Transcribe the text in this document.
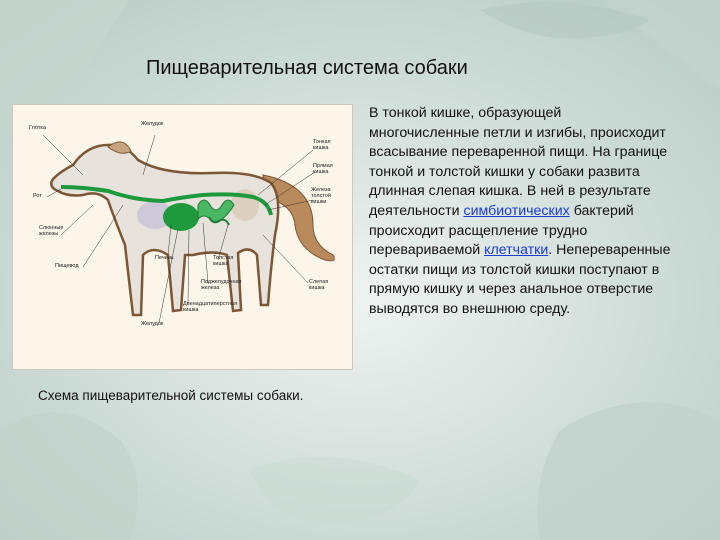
Пищеварительная система собаки
Глотка
Желудок
Тонкая кишка
Прямая кишка
Железа толстой кишки
Рот
Слюнные железы
Пищевод
Печень	Толстая кишка
Поджелудочная железа
Двенадцатиперстная кишка
Слепая кишка
Желудок
В тонкой кишке, образующей
многочисленные петли и изгибы, происходит
всасывание переваренной пищи. На границе
тонкой и толстой кишки у собаки развита
длинная слепая кишка. В ней в результате
деятельности симбиотических бактерий
происходит расщепление трудно
перевариваемой клетчатки. Непереваренные
остатки пищи из толстой кишки поступают в
прямую кишку и через анальное отверстие
выводятся во внешнюю среду.
Схема пищеварительной системы собаки.
